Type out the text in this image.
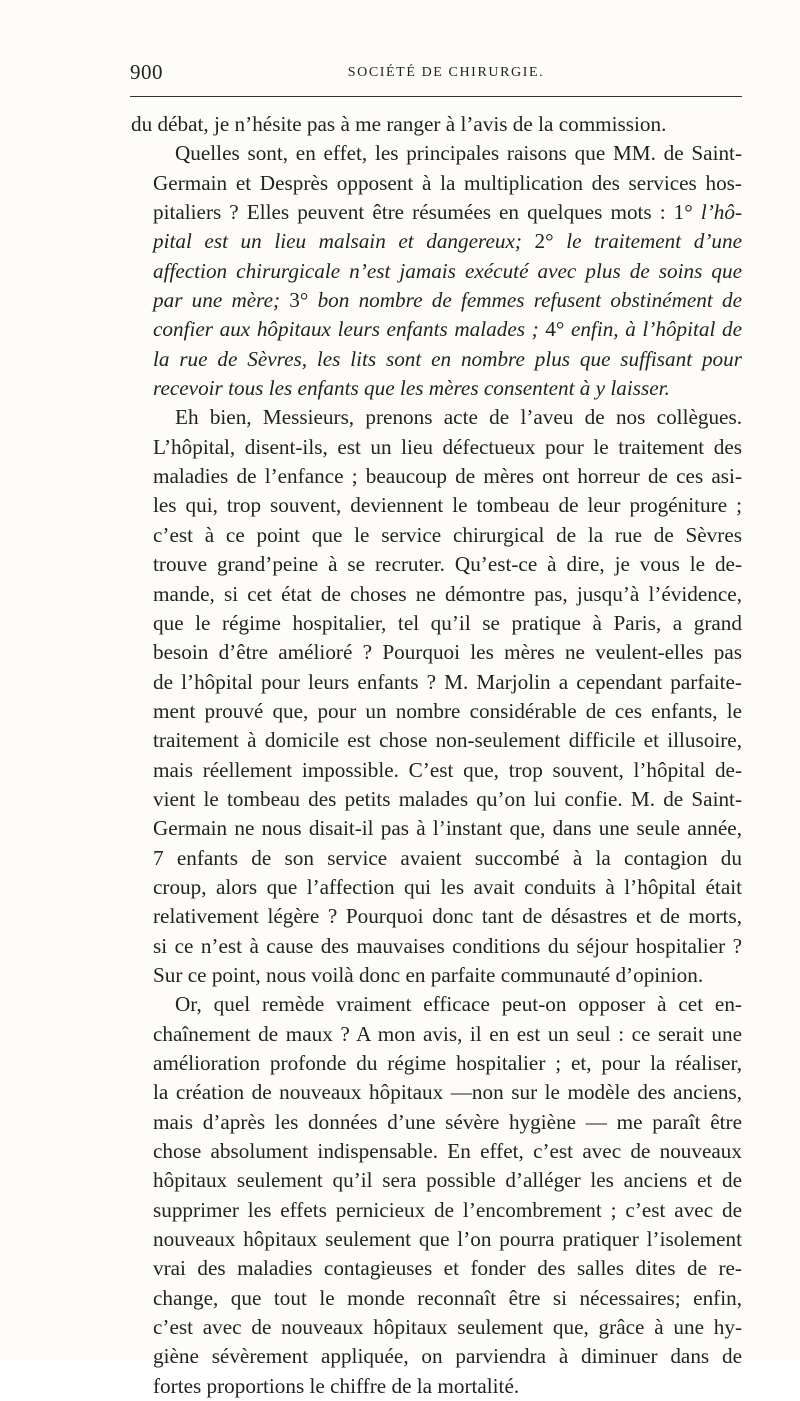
900	SOCIÉTÉ DE CHIRURGIE.
du débat, je n’hésite pas à me ranger à l’avis de la commission.
Quelles sont, en effet, les principales raisons que MM. de Saint-
Germain et Desprès opposent à la multiplication des services hos-
pitaliers ? Elles peuvent être résumées en quelques mots : 1° l’hô-
pital est un lieu malsain et dangereux; 2° le traitement d’une
affection chirurgicale n’est jamais exécuté avec plus de soins que
par une mère; 3° bon nombre de femmes refusent obstinément de
confier aux hôpitaux leurs enfants malades ; 4° enfin, à l’hôpital de
la rue de Sèvres, les lits sont en nombre plus que suffisant pour
recevoir tous les enfants que les mères consentent à y laisser.
Eh bien, Messieurs, prenons acte de l’aveu de nos collègues.
L’hôpital, disent-ils, est un lieu défectueux pour le traitement des
maladies de l’enfance ; beaucoup de mères ont horreur de ces asi-
les qui, trop souvent, deviennent le tombeau de leur progéniture ;
c’est à ce point que le service chirurgical de la rue de Sèvres
trouve grand’peine à se recruter. Qu’est-ce à dire, je vous le de-
mande, si cet état de choses ne démontre pas, jusqu’à l’évidence,
que le régime hospitalier, tel qu’il se pratique à Paris, a grand
besoin d’être amélioré ? Pourquoi les mères ne veulent-elles pas
de l’hôpital pour leurs enfants ? M. Marjolin a cependant parfaite-
ment prouvé que, pour un nombre considérable de ces enfants, le
traitement à domicile est chose non-seulement difficile et illusoire,
mais réellement impossible. C’est que, trop souvent, l’hôpital de-
vient le tombeau des petits malades qu’on lui confie. M. de Saint-
Germain ne nous disait-il pas à l’instant que, dans une seule année,
7 enfants de son service avaient succombé à la contagion du
croup, alors que l’affection qui les avait conduits à l’hôpital était
relativement légère ? Pourquoi donc tant de désastres et de morts,
si ce n’est à cause des mauvaises conditions du séjour hospitalier ?
Sur ce point, nous voilà donc en parfaite communauté d’opinion.
Or, quel remède vraiment efficace peut-on opposer à cet en-
chaînement de maux ? A mon avis, il en est un seul : ce serait une
amélioration profonde du régime hospitalier ; et, pour la réaliser,
la création de nouveaux hôpitaux —non sur le modèle des anciens,
mais d’après les données d’une sévère hygiène — me paraît être
chose absolument indispensable. En effet, c’est avec de nouveaux
hôpitaux seulement qu’il sera possible d’alléger les anciens et de
supprimer les effets pernicieux de l’encombrement ; c’est avec de
nouveaux hôpitaux seulement que l’on pourra pratiquer l’isolement
vrai des maladies contagieuses et fonder des salles dites de re-
change, que tout le monde reconnaît être si nécessaires; enfin,
c’est avec de nouveaux hôpitaux seulement que, grâce à une hy-
giène sévèrement appliquée, on parviendra à diminuer dans de
fortes proportions le chiffre de la mortalité.
